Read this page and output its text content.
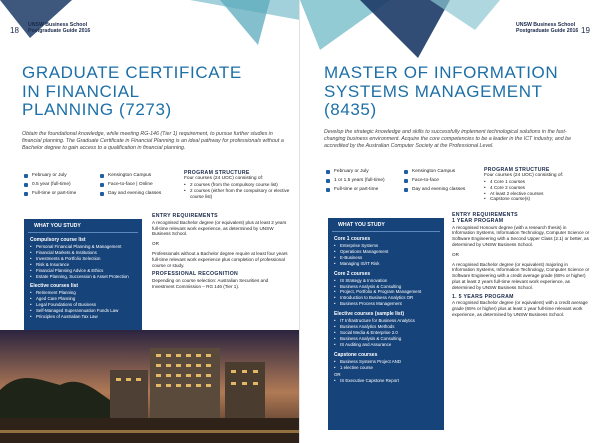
18
UNSW Business School
Postgraduate Guide 2016
GRADUATE CERTIFICATE
IN FINANCIAL
PLANNING (7273)

Obtain the foundational knowledge, while meeting RG-146 (Tier 1) requirement, to pursue further studies in financial planning. The Graduate Certificate in Financial Planning is an ideal pathway for professionals without a Bachelor degree to gain access to a qualification in financial planning.

February or July
0.5 year (full-time)
Full-time or part-time
Kensington Campus
Face-to-face | Online
Day and evening classes
PROGRAM STRUCTURE
Four courses (24 UOC) consisting of:
• 2 courses (from the compulsory course list)
• 2 courses (either from the compulsory or elective course list)
WHAT YOU STUDY
Compulsory course list
• Personal Financial Planning & Management
• Financial Markets & Institutions
• Investments & Portfolio Selection
• Risk & Insurance
• Financial Planning Advice & Ethics
• Estate Planning, Succession & Asset Protection
Elective courses list
• Retirement Planning
• Aged Care Planning
• Legal Foundations of Business
• Self-Managed Superannuation Funds Law
• Principles of Australian Tax Law
ENTRY REQUIREMENTS

A recognised Bachelor degree (or equivalent) plus at least 2 years full-time relevant work experience, as determined by UNSW Business School.

OR

Professionals without a Bachelor degree require at least four years full-time relevant work experience plus completion of professional course or study.

PROFESSIONAL RECOGNITION

Depending on course selection: Australian Securities and Investment Commission – RG 146 (Tier 1).

UNSW Business School
Postgraduate Guide 2016 19
MASTER OF INFORMATION
SYSTEMS MANAGEMENT
(8435)

Develop the strategic knowledge and skills to successfully implement technological solutions in the fast-changing business environment. Acquire the core competencies to be a leader in the ICT industry, and be accredited by the Australian Computer Society at the Professional Level.

February or July
1 or 1.5 years (full-time)
Full-time or part-time
Kensington Campus
Face-to-face
Day and evening classes
PROGRAM STRUCTURE
Four courses (24 UOC) consisting of:
• 4 Core 1 courses
• 4 Core 2 courses
• At least 2 elective courses
• Capstone course(s)
WHAT YOU STUDY
Core 1 courses
• Enterprise Systems
• Operations Management
• E-Business
• Managing IS/IT Risk
Core 2 courses
• IS Strategy & Innovation
• Business Analysis & Consulting
• Project, Portfolio & Program Management
• Introduction to Business Analytics OR
• Business Process Management
Elective courses (sample list)
• IT Infrastructure for Business Analytics
• Business Analytics Methods
• Social Media & Enterprise 2.0
• Business Analysis & Consulting
• IS Auditing and Assurance
Capstone courses
• Business Systems Project AND
• 1 elective course
OR
• IS Executive Capstone Report
ENTRY REQUIREMENTS
1 YEAR PROGRAM

A recognised Honours degree (with a research thesis) in Information Systems, Information Technology, Computer Science or Software Engineering with a Second Upper Class (2.1) or better, as determined by UNSW Business School.

OR

A recognised Bachelor degree (or equivalent) majoring in Information Systems, Information Technology, Computer Science or Software Engineering with a credit average grade (65% or higher) plus at least 2 years full-time relevant work experience, as determined by UNSW Business School.

1. 5 YEARS PROGRAM

A recognised Bachelor degree (or equivalent) with a credit average grade (65% or higher) plus at least 1 year full-time relevant work experience, as determined by UNSW Business School.
